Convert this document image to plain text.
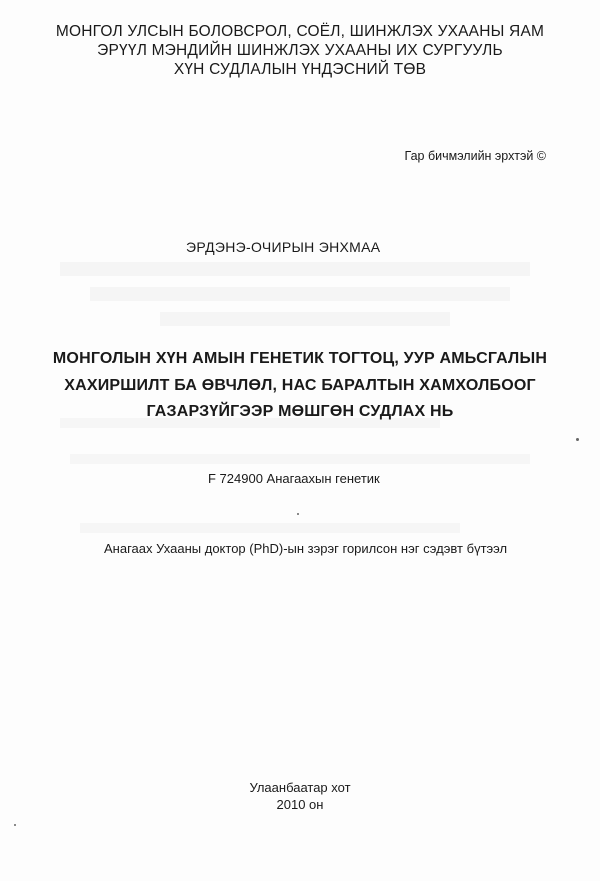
МОНГОЛ УЛСЫН БОЛОВСРОЛ, СОЁЛ, ШИНЖЛЭХ УХААНЫ ЯАМ
ЭРҮҮЛ МЭНДИЙН ШИНЖЛЭХ УХААНЫ ИХ СУРГУУЛЬ
ХҮН СУДЛАЛЫН ҮНДЭСНИЙ ТӨВ
Гар бичмэлийн эрхтэй ©
ЭРДЭНЭ-ОЧИРЫН ЭНХМАА
МОНГОЛЫН ХҮН АМЫН ГЕНЕТИК ТОГТОЦ, УУР АМЬСГАЛЫН
ХАХИРШИЛТ БА ӨВЧЛӨЛ, НАС БАРАЛТЫН ХАМХОЛБООГ
ГАЗАРЗҮЙГЭЭР МӨШГӨН СУДЛАХ НЬ
F 724900 Анагаахын генетик
Анагаах Ухааны доктор (PhD)-ын зэрэг горилсон нэг сэдэвт бүтээл
Улаанбаатар хот
2010 он
